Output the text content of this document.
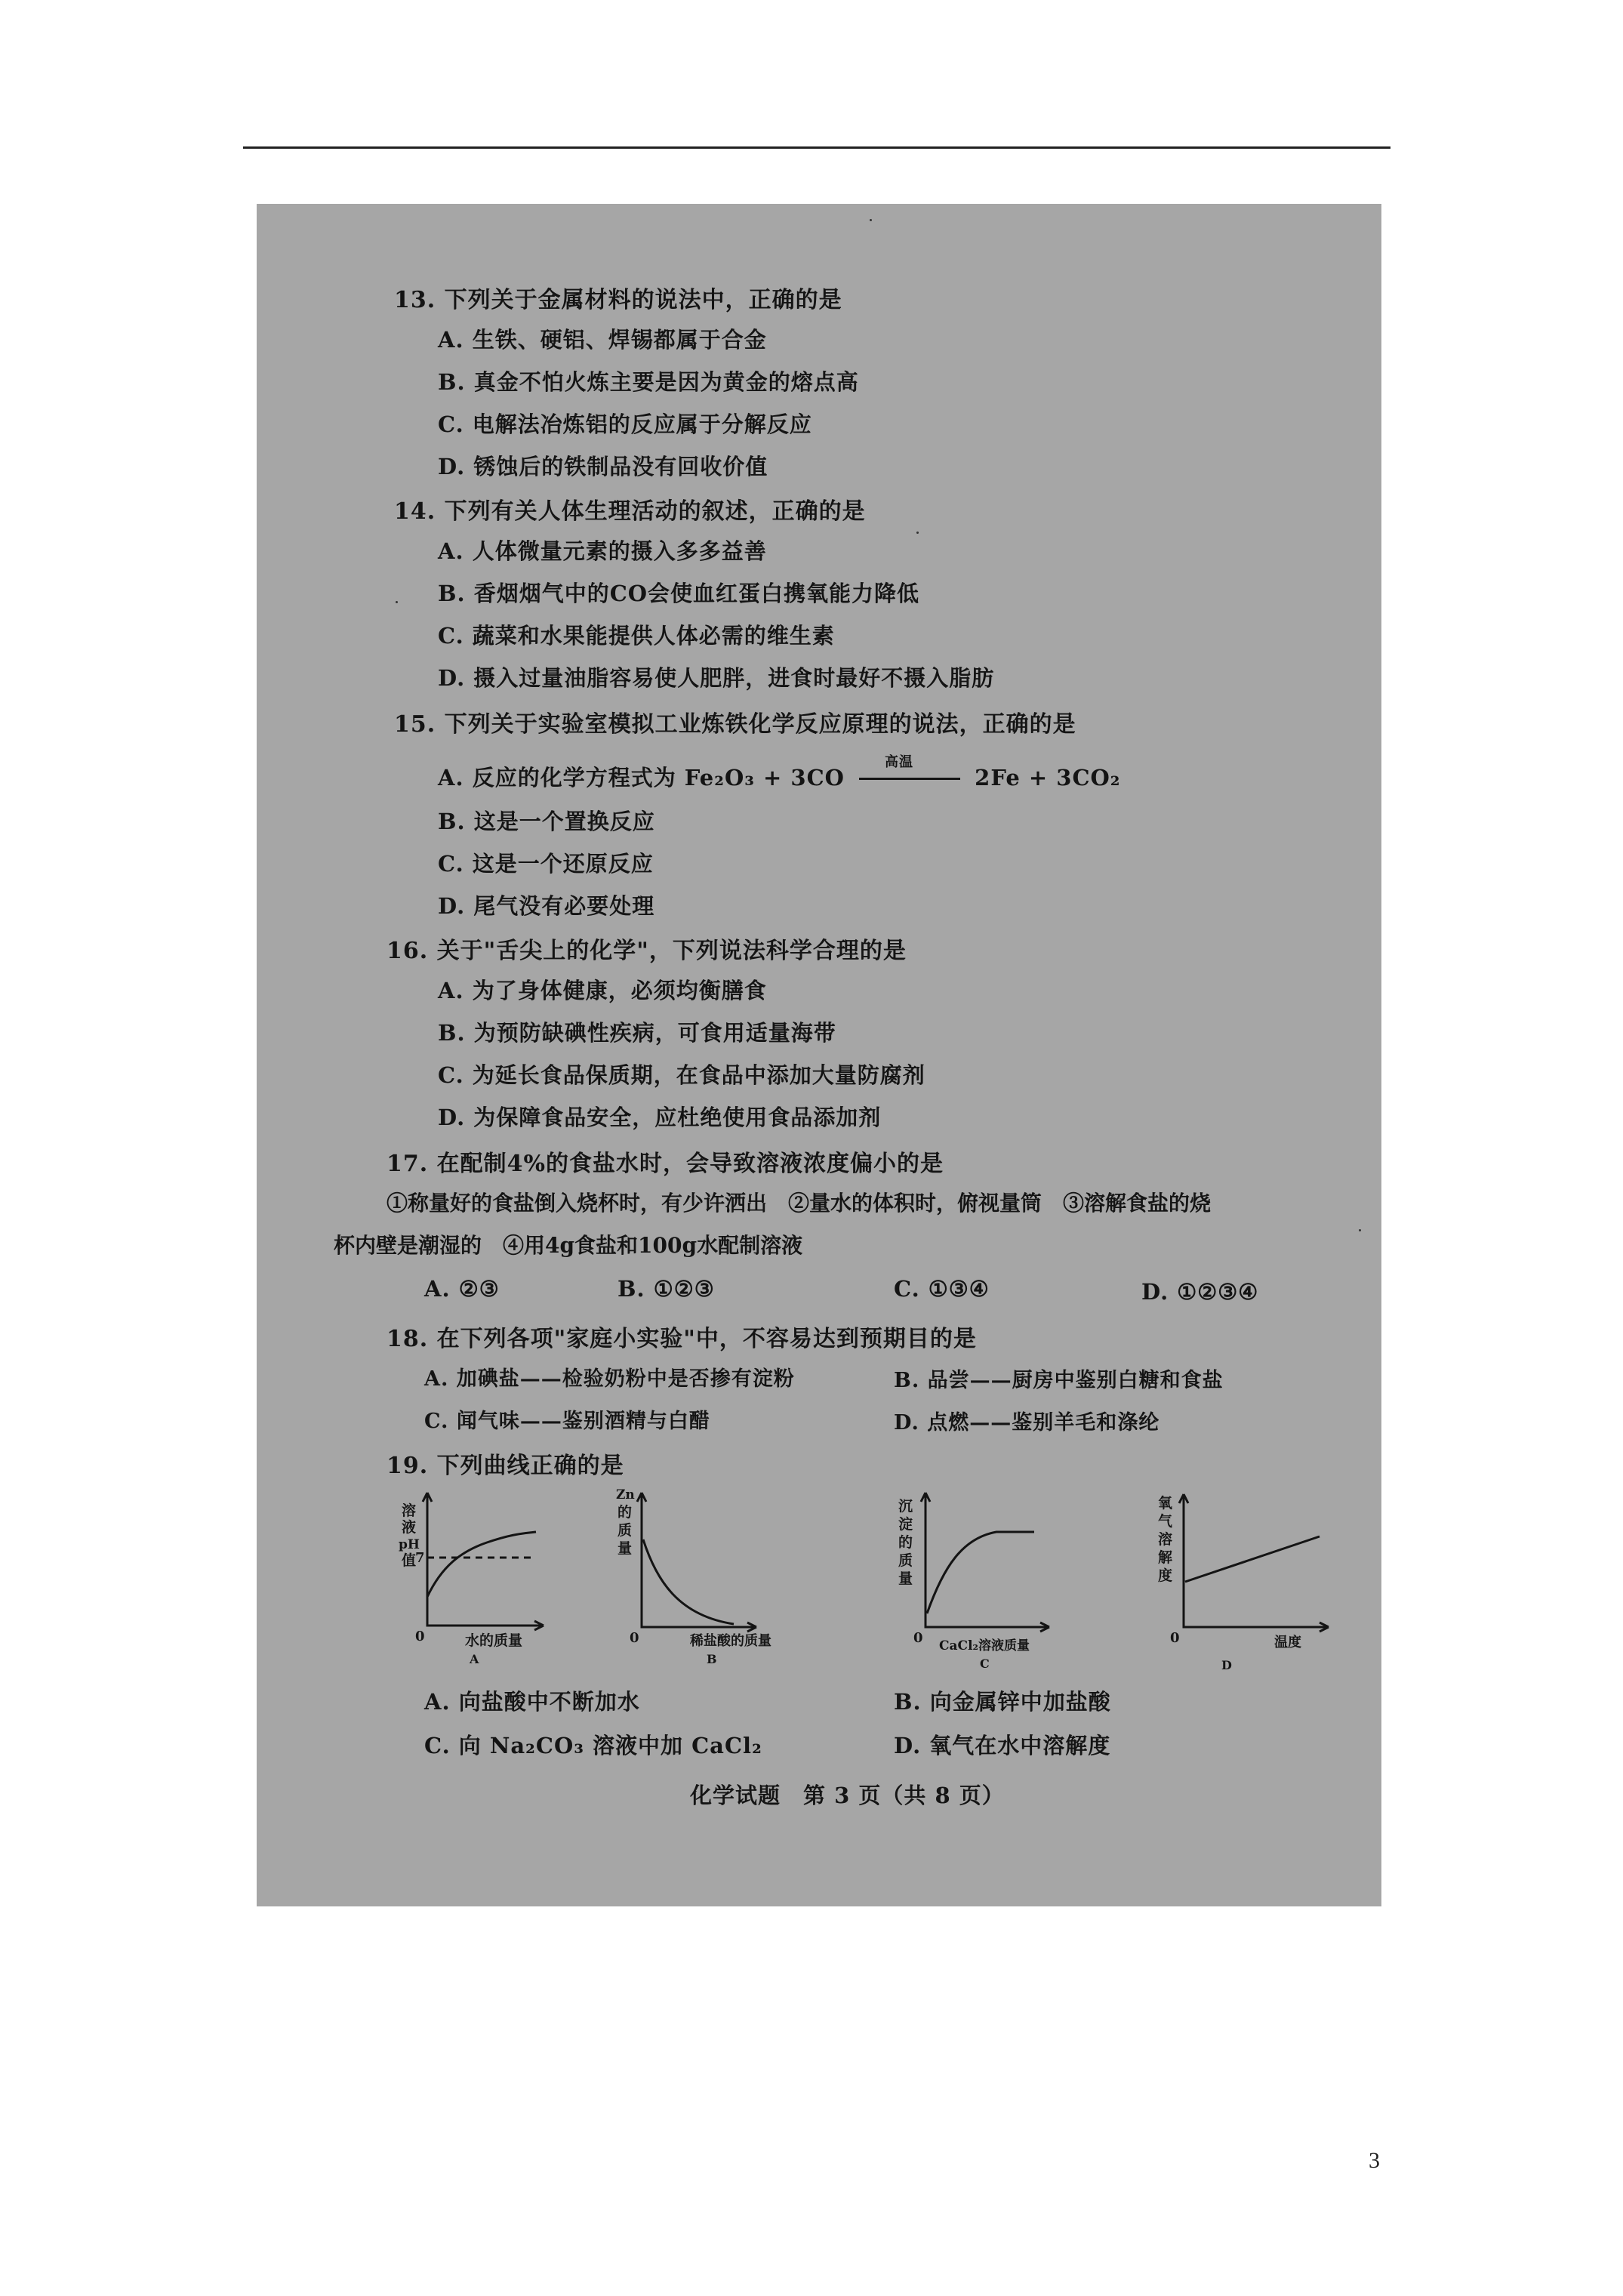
13. 下列关于金属材料的说法中，正确的是
A. 生铁、硬铝、焊锡都属于合金
B. 真金不怕火炼主要是因为黄金的熔点高
C. 电解法冶炼铝的反应属于分解反应
D. 锈蚀后的铁制品没有回收价值
14. 下列有关人体生理活动的叙述，正确的是
A. 人体微量元素的摄入多多益善
B. 香烟烟气中的CO会使血红蛋白携氧能力降低
C. 蔬菜和水果能提供人体必需的维生素
D. 摄入过量油脂容易使人肥胖，进食时最好不摄入脂肪
15. 下列关于实验室模拟工业炼铁化学反应原理的说法，正确的是
A. 反应的化学方程式为 Fe₂O₃ + 3CO
高温
2Fe + 3CO₂
B. 这是一个置换反应
C. 这是一个还原反应
D. 尾气没有必要处理
16. 关于"舌尖上的化学"，下列说法科学合理的是
A. 为了身体健康，必须均衡膳食
B. 为预防缺碘性疾病，可食用适量海带
C. 为延长食品保质期，在食品中添加大量防腐剂
D. 为保障食品安全，应杜绝使用食品添加剂
17. 在配制4%的食盐水时，会导致溶液浓度偏小的是
①称量好的食盐倒入烧杯时，有少许洒出　②量水的体积时，俯视量筒　③溶解食盐的烧
杯内壁是潮湿的　④用4g食盐和100g水配制溶液
A. ②③	B. ①②③	C. ①③④	D. ①②③④
18. 在下列各项"家庭小实验"中，不容易达到预期目的是
A. 加碘盐——检验奶粉中是否掺有淀粉	B. 品尝——厨房中鉴别白糖和食盐
C. 闻气味——鉴别酒精与白醋	D. 点燃——鉴别羊毛和涤纶
19. 下列曲线正确的是
7
溶
液
pH
值
0	水的质量
A
Zn
的
质
量
0	稀盐酸的质量
B
沉
淀
的
质
量
0 CaCl₂溶液质量
C
氧
气
溶
解
度
0	温度
D
A. 向盐酸中不断加水	B. 向金属锌中加盐酸
C. 向 Na₂CO₃ 溶液中加 CaCl₂	D. 氧气在水中溶解度
化学试题　第 3 页（共 8 页）
3
